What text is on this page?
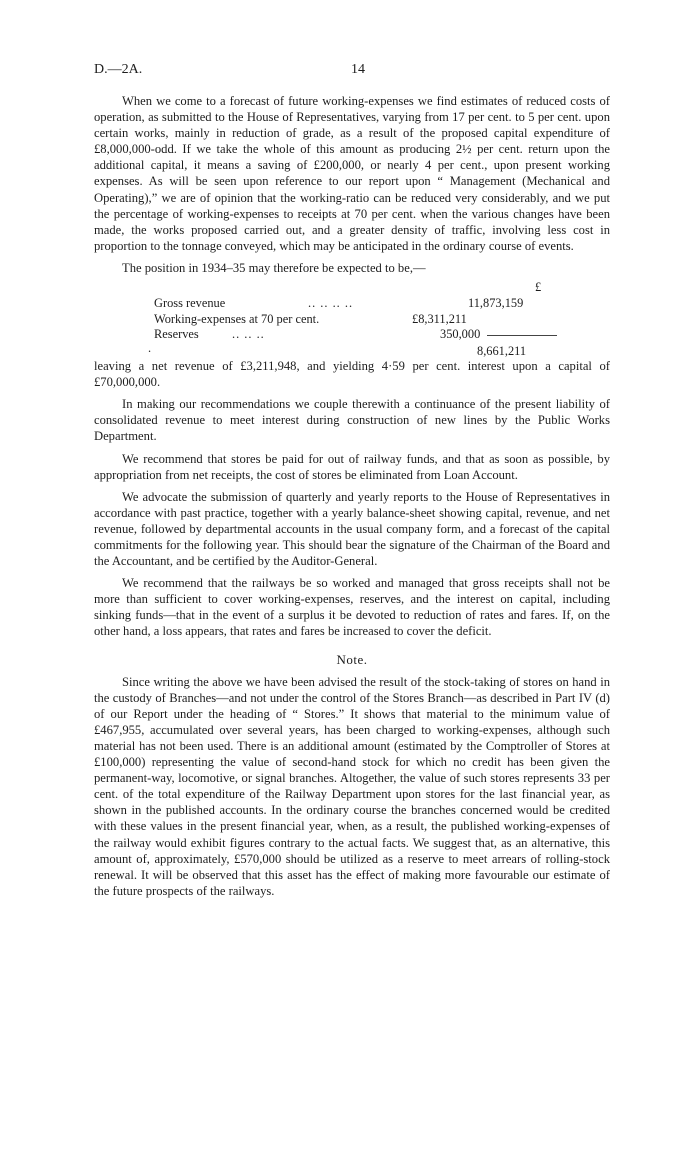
D.—2A.	14

When we come to a forecast of future working-expenses we find estimates of reduced costs of operation, as submitted to the House of Representatives, varying from 17 per cent. to 5 per cent. upon certain works, mainly in reduction of grade, as a result of the proposed capital expenditure of £8,000,000-odd. If we take the whole of this amount as producing 2½ per cent. return upon the additional capital, it means a saving of £200,000, or nearly 4 per cent., upon present working expenses. As will be seen upon reference to our report upon “ Management (Mechanical and Operating),” we are of opinion that the working-ratio can be reduced very considerably, and we put the percentage of working-expenses to receipts at 70 per cent. when the various changes have been made, the works proposed carried out, and a greater density of traffic, involving less cost in proportion to the tonnage conveyed, which may be anticipated in the ordinary course of events.

The position in 1934–35 may therefore be expected to be,—

£
Gross revenue	.. .. .. ..	11,873,159
Working-expenses at 70 per cent.	£8,311,211
Reserves	.. .. ..	350,000
.	8,661,211

leaving a net revenue of £3,211,948, and yielding 4·59 per cent. interest upon a capital of £70,000,000.

In making our recommendations we couple therewith a continuance of the present liability of consolidated revenue to meet interest during construction of new lines by the Public Works Department.

We recommend that stores be paid for out of railway funds, and that as soon as possible, by appropriation from net receipts, the cost of stores be eliminated from Loan Account.

We advocate the submission of quarterly and yearly reports to the House of Representatives in accordance with past practice, together with a yearly balance-sheet showing capital, revenue, and net revenue, followed by departmental accounts in the usual company form, and a forecast of the capital commitments for the following year. This should bear the signature of the Chairman of the Board and the Accountant, and be certified by the Auditor-General.

We recommend that the railways be so worked and managed that gross receipts shall not be more than sufficient to cover working-expenses, reserves, and the interest on capital, including sinking funds—that in the event of a surplus it be devoted to reduction of rates and fares. If, on the other hand, a loss appears, that rates and fares be increased to cover the deficit.

Note.

Since writing the above we have been advised the result of the stock-taking of stores on hand in the custody of Branches—and not under the control of the Stores Branch—as described in Part IV (d) of our Report under the heading of “ Stores.” It shows that material to the minimum value of £467,955, accumulated over several years, has been charged to working-expenses, although such material has not been used. There is an additional amount (estimated by the Comptroller of Stores at £100,000) representing the value of second-hand stock for which no credit has been given the permanent-way, locomotive, or signal branches. Altogether, the value of such stores represents 33 per cent. of the total expenditure of the Railway Department upon stores for the last financial year, as shown in the published accounts. In the ordinary course the branches concerned would be credited with these values in the present financial year, when, as a result, the published working-expenses of the railway would exhibit figures contrary to the actual facts. We suggest that, as an alternative, this amount of, approximately, £570,000 should be utilized as a reserve to meet arrears of rolling-stock renewal. It will be observed that this asset has the effect of making more favourable our estimate of the future prospects of the railways.
